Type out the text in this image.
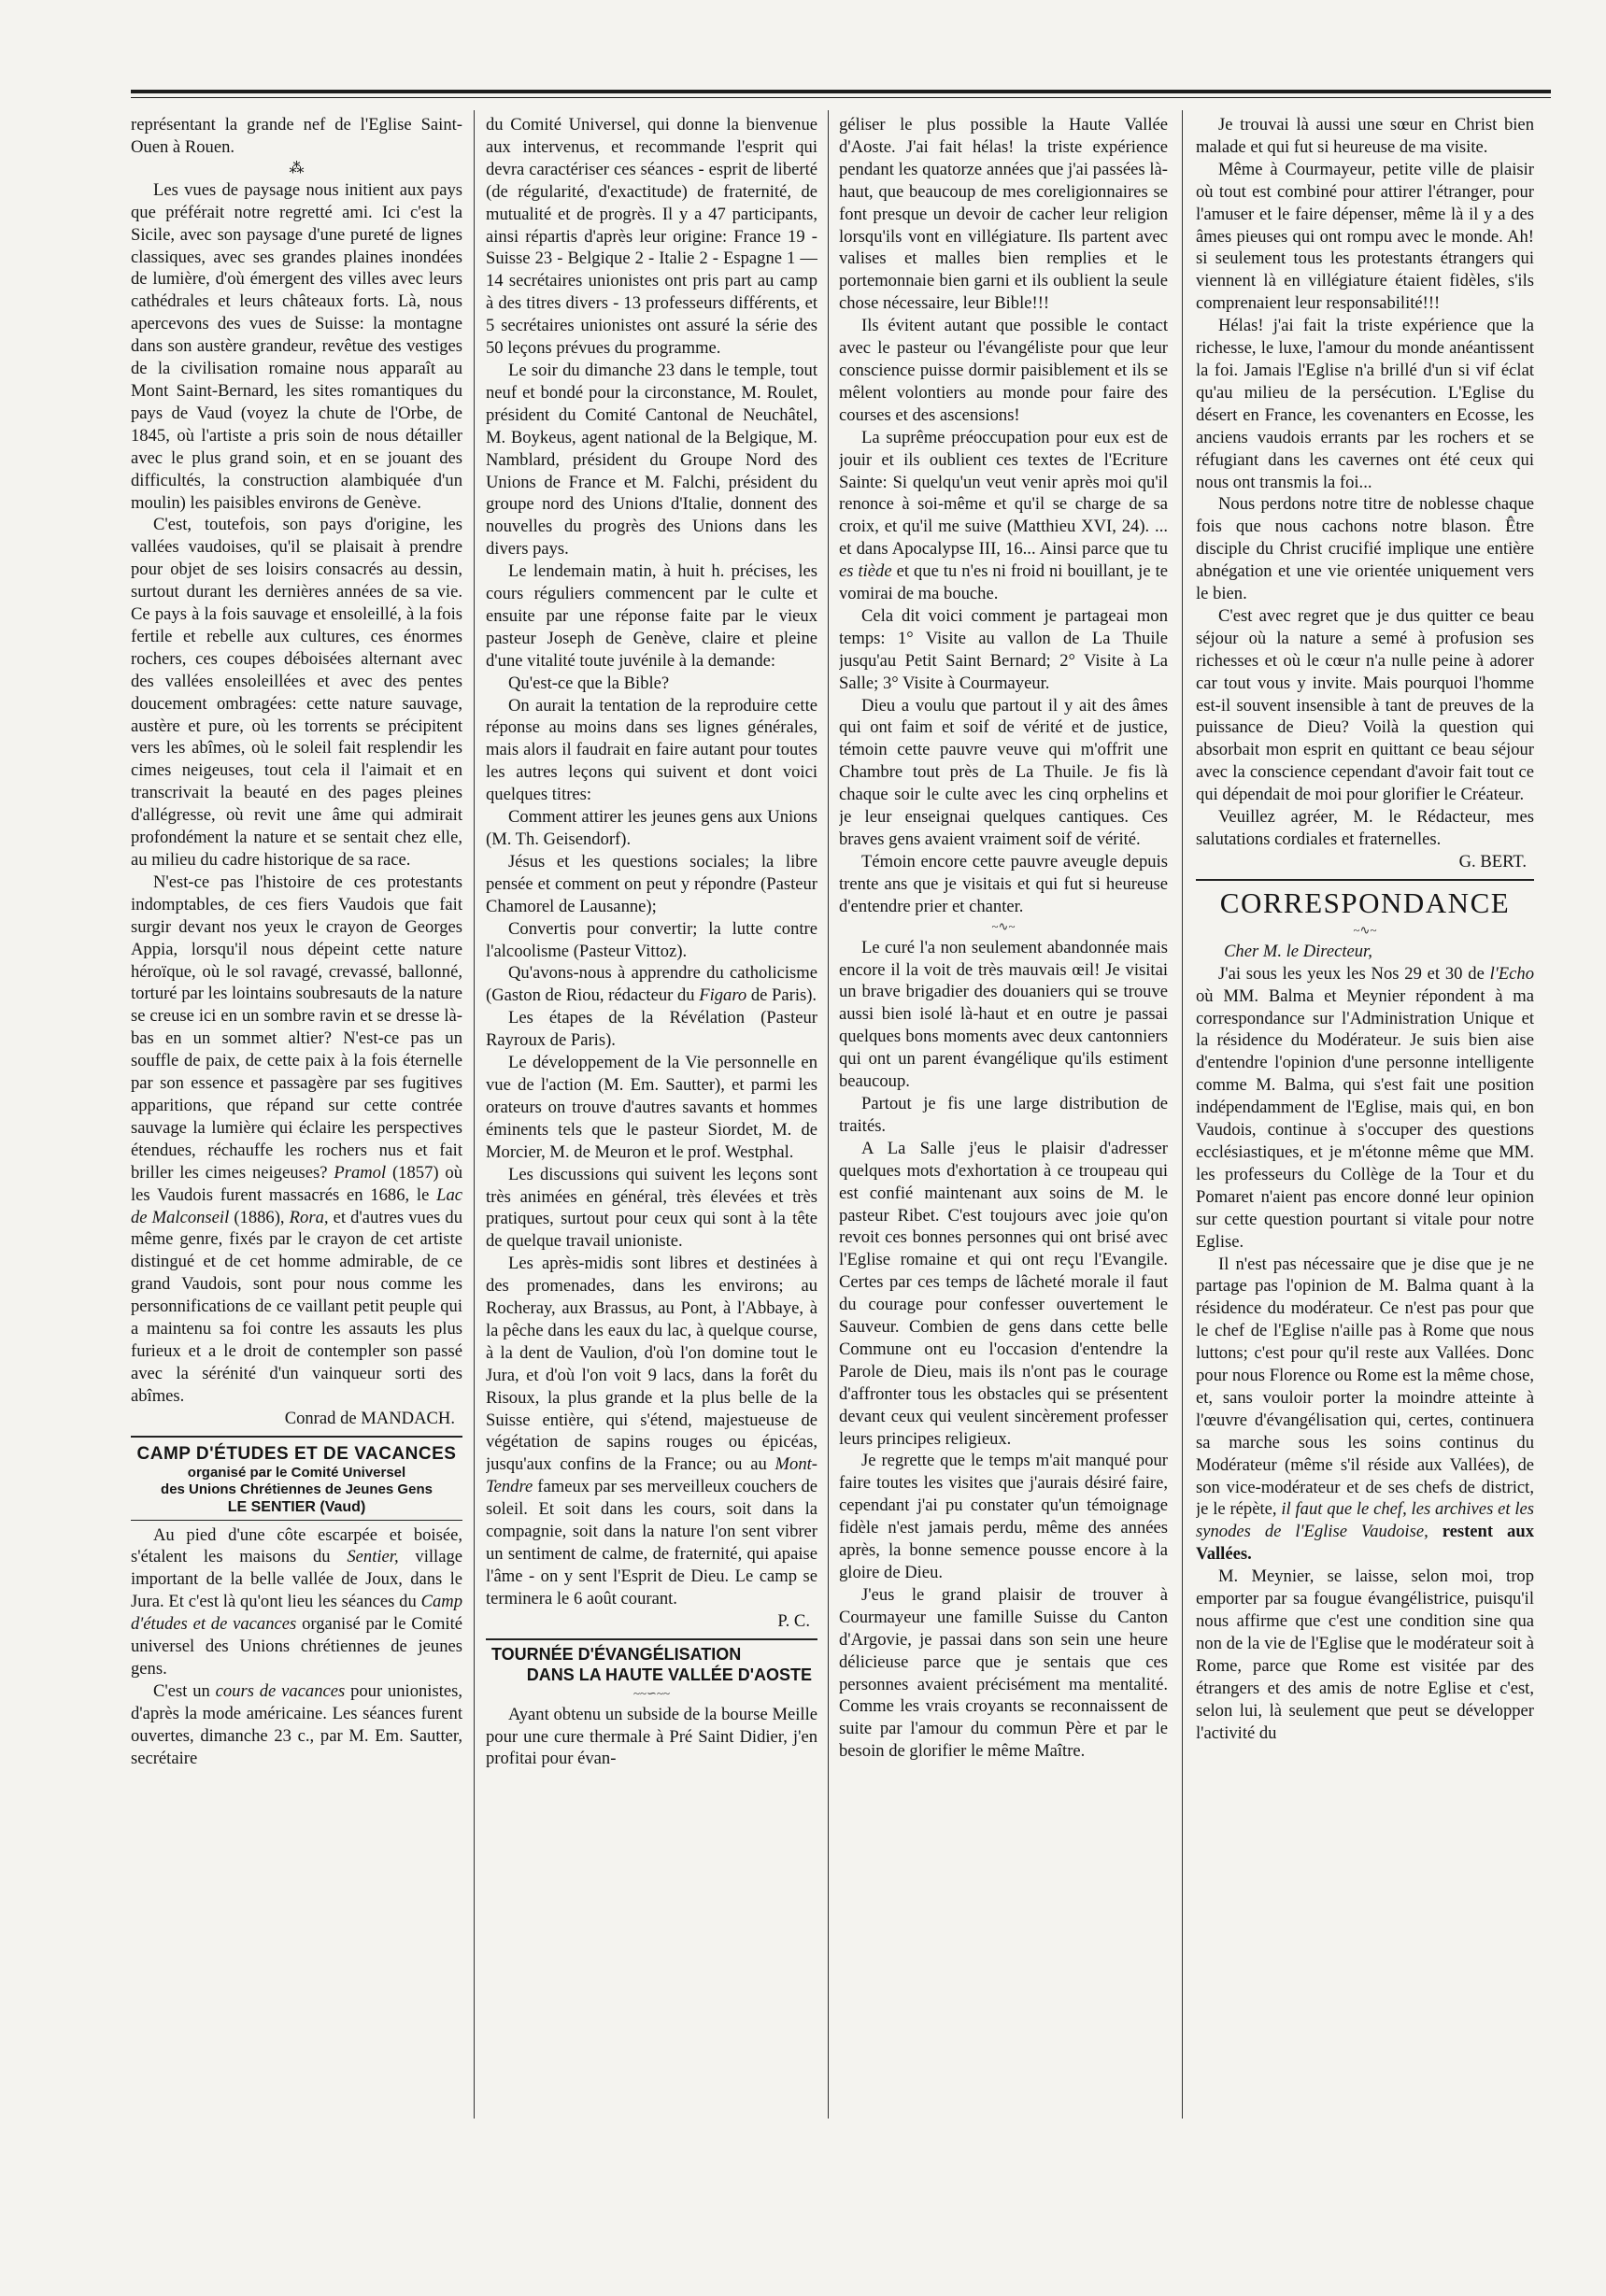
représentant la grande nef de l'Eglise Saint-Ouen à Rouen.

⁂

Les vues de paysage nous initient aux pays que préférait notre regretté ami. Ici c'est la Sicile, avec son paysage d'une pureté de lignes classiques, avec ses grandes plaines inondées de lumière, d'où émergent des villes avec leurs cathédrales et leurs châteaux forts. Là, nous apercevons des vues de Suisse: la montagne dans son austère grandeur, revêtue des vestiges de la civilisation romaine nous apparaît au Mont Saint-Bernard, les sites romantiques du pays de Vaud (voyez la chute de l'Orbe, de 1845, où l'artiste a pris soin de nous détailler avec le plus grand soin, et en se jouant des difficultés, la construction alambiquée d'un moulin) les paisibles environs de Genève.

C'est, toutefois, son pays d'origine, les vallées vaudoises, qu'il se plaisait à prendre pour objet de ses loisirs consacrés au dessin, surtout durant les dernières années de sa vie. Ce pays à la fois sauvage et ensoleillé, à la fois fertile et rebelle aux cultures, ces énormes rochers, ces coupes déboisées alternant avec des vallées ensoleillées et avec des pentes doucement ombragées: cette nature sauvage, austère et pure, où les torrents se précipitent vers les abîmes, où le soleil fait resplendir les cimes neigeuses, tout cela il l'aimait et en transcrivait la beauté en des pages pleines d'allégresse, où revit une âme qui admirait profondément la nature et se sentait chez elle, au milieu du cadre historique de sa race.

N'est-ce pas l'histoire de ces protestants indomptables, de ces fiers Vaudois que fait surgir devant nos yeux le crayon de Georges Appia, lorsqu'il nous dépeint cette nature héroïque, où le sol ravagé, crevassé, ballonné, torturé par les lointains soubresauts de la nature se creuse ici en un sombre ravin et se dresse là-bas en un sommet altier? N'est-ce pas un souffle de paix, de cette paix à la fois éternelle par son essence et passagère par ses fugitives apparitions, que répand sur cette contrée sauvage la lumière qui éclaire les perspectives étendues, réchauffe les rochers nus et fait briller les cimes neigeuses? Pramol (1857) où les Vaudois furent massacrés en 1686, le Lac de Malconseil (1886), Rora, et d'autres vues du même genre, fixés par le crayon de cet artiste distingué et de cet homme admirable, de ce grand Vaudois, sont pour nous comme les personnifications de ce vaillant petit peuple qui a maintenu sa foi contre les assauts les plus furieux et a le droit de contempler son passé avec la sérénité d'un vainqueur sorti des abîmes.

Conrad de MANDACH.
CAMP D'ÉTUDES ET DE VACANCES
organisé par le Comité Universel
des Unions Chrétiennes de Jeunes Gens
LE SENTIER (Vaud)

Au pied d'une côte escarpée et boisée, s'étalent les maisons du Sentier, village important de la belle vallée de Joux, dans le Jura. Et c'est là qu'ont lieu les séances du Camp d'études et de vacances organisé par le Comité universel des Unions chrétiennes de jeunes gens.

C'est un cours de vacances pour unionistes, d'après la mode américaine. Les séances furent ouvertes, dimanche 23 c., par M. Em. Sautter, secrétaire

du Comité Universel, qui donne la bienvenue aux intervenus, et recommande l'esprit qui devra caractériser ces séances - esprit de liberté (de régularité, d'exactitude) de fraternité, de mutualité et de progrès. Il y a 47 participants, ainsi répartis d'après leur origine: France 19 - Suisse 23 - Belgique 2 - Italie 2 - Espagne 1 — 14 secrétaires unionistes ont pris part au camp à des titres divers - 13 professeurs différents, et 5 secrétaires unionistes ont assuré la série des 50 leçons prévues du programme.

Le soir du dimanche 23 dans le temple, tout neuf et bondé pour la circonstance, M. Roulet, président du Comité Cantonal de Neuchâtel, M. Boykeus, agent national de la Belgique, M. Namblard, président du Groupe Nord des Unions de France et M. Falchi, président du groupe nord des Unions d'Italie, donnent des nouvelles du progrès des Unions dans les divers pays.

Le lendemain matin, à huit h. précises, les cours réguliers commencent par le culte et ensuite par une réponse faite par le vieux pasteur Joseph de Genève, claire et pleine d'une vitalité toute juvénile à la demande:

Qu'est-ce que la Bible?

On aurait la tentation de la reproduire cette réponse au moins dans ses lignes générales, mais alors il faudrait en faire autant pour toutes les autres leçons qui suivent et dont voici quelques titres:

Comment attirer les jeunes gens aux Unions (M. Th. Geisendorf).

Jésus et les questions sociales; la libre pensée et comment on peut y répondre (Pasteur Chamorel de Lausanne);

Convertis pour convertir; la lutte contre l'alcoolisme (Pasteur Vittoz).

Qu'avons-nous à apprendre du catholicisme (Gaston de Riou, rédacteur du Figaro de Paris).

Les étapes de la Révélation (Pasteur Rayroux de Paris).

Le développement de la Vie personnelle en vue de l'action (M. Em. Sautter), et parmi les orateurs on trouve d'autres savants et hommes éminents tels que le pasteur Siordet, M. de Morcier, M. de Meuron et le prof. Westphal.

Les discussions qui suivent les leçons sont très animées en général, très élevées et très pratiques, surtout pour ceux qui sont à la tête de quelque travail unioniste.

Les après-midis sont libres et destinées à des promenades, dans les environs; au Rocheray, aux Brassus, au Pont, à l'Abbaye, à la pêche dans les eaux du lac, à quelque course, à la dent de Vaulion, d'où l'on domine tout le Jura, et d'où l'on voit 9 lacs, dans la forêt du Risoux, la plus grande et la plus belle de la Suisse entière, qui s'étend, majestueuse de végétation de sapins rouges ou épicéas, jusqu'aux confins de la France; ou au Mont-Tendre fameux par ses merveilleux couchers de soleil. Et soit dans les cours, soit dans la compagnie, soit dans la nature l'on sent vibrer un sentiment de calme, de fraternité, qui apaise l'âme - on y sent l'Esprit de Dieu. Le camp se terminera le 6 août courant.

P. C.
TOURNÉE D'ÉVANGÉLISATION
DANS LA HAUTE VALLÉE D'AOSTE
~~∽~~

Ayant obtenu un subside de la bourse Meille pour une cure thermale à Pré Saint Didier, j'en profitai pour évan-

géliser le plus possible la Haute Vallée d'Aoste. J'ai fait hélas! la triste expérience pendant les quatorze années que j'ai passées là-haut, que beaucoup de mes coreligionnaires se font presque un devoir de cacher leur religion lorsqu'ils vont en villégiature. Ils partent avec valises et malles bien remplies et le portemonnaie bien garni et ils oublient la seule chose nécessaire, leur Bible!!!

Ils évitent autant que possible le contact avec le pasteur ou l'évangéliste pour que leur conscience puisse dormir paisiblement et ils se mêlent volontiers au monde pour faire des courses et des ascensions!

La suprême préoccupation pour eux est de jouir et ils oublient ces textes de l'Ecriture Sainte: Si quelqu'un veut venir après moi qu'il renonce à soi-même et qu'il se charge de sa croix, et qu'il me suive (Matthieu XVI, 24). ... et dans Apocalypse III, 16... Ainsi parce que tu es tiède et que tu n'es ni froid ni bouillant, je te vomirai de ma bouche.

Cela dit voici comment je partageai mon temps: 1° Visite au vallon de La Thuile jusqu'au Petit Saint Bernard; 2° Visite à La Salle; 3° Visite à Courmayeur.

Dieu a voulu que partout il y ait des âmes qui ont faim et soif de vérité et de justice, témoin cette pauvre veuve qui m'offrit une Chambre tout près de La Thuile. Je fis là chaque soir le culte avec les cinq orphelins et je leur enseignai quelques cantiques. Ces braves gens avaient vraiment soif de vérité.

Témoin encore cette pauvre aveugle depuis trente ans que je visitais et qui fut si heureuse d'entendre prier et chanter.

~∿~

Le curé l'a non seulement abandonnée mais encore il la voit de très mauvais œil! Je visitai un brave brigadier des douaniers qui se trouve aussi bien isolé là-haut et en outre je passai quelques bons moments avec deux cantonniers qui ont un parent évangélique qu'ils estiment beaucoup.

Partout je fis une large distribution de traités.

A La Salle j'eus le plaisir d'adresser quelques mots d'exhortation à ce troupeau qui est confié maintenant aux soins de M. le pasteur Ribet. C'est toujours avec joie qu'on revoit ces bonnes personnes qui ont brisé avec l'Eglise romaine et qui ont reçu l'Evangile. Certes par ces temps de lâcheté morale il faut du courage pour confesser ouvertement le Sauveur. Combien de gens dans cette belle Commune ont eu l'occasion d'entendre la Parole de Dieu, mais ils n'ont pas le courage d'affronter tous les obstacles qui se présentent devant ceux qui veulent sincèrement professer leurs principes religieux.

Je regrette que le temps m'ait manqué pour faire toutes les visites que j'aurais désiré faire, cependant j'ai pu constater qu'un témoignage fidèle n'est jamais perdu, même des années après, la bonne semence pousse encore à la gloire de Dieu.

J'eus le grand plaisir de trouver à Courmayeur une famille Suisse du Canton d'Argovie, je passai dans son sein une heure délicieuse parce que je sentais que ces personnes avaient précisément ma mentalité. Comme les vrais croyants se reconnaissent de suite par l'amour du commun Père et par le besoin de glorifier le même Maître.

Je trouvai là aussi une sœur en Christ bien malade et qui fut si heureuse de ma visite.

Même à Courmayeur, petite ville de plaisir où tout est combiné pour attirer l'étranger, pour l'amuser et le faire dépenser, même là il y a des âmes pieuses qui ont rompu avec le monde. Ah! si seulement tous les protestants étrangers qui viennent là en villégiature étaient fidèles, s'ils comprenaient leur responsabilité!!!

Hélas! j'ai fait la triste expérience que la richesse, le luxe, l'amour du monde anéantissent la foi. Jamais l'Eglise n'a brillé d'un si vif éclat qu'au milieu de la persécution. L'Eglise du désert en France, les covenanters en Ecosse, les anciens vaudois errants par les rochers et se réfugiant dans les cavernes ont été ceux qui nous ont transmis la foi...

Nous perdons notre titre de noblesse chaque fois que nous cachons notre blason. Être disciple du Christ crucifié implique une entière abnégation et une vie orientée uniquement vers le bien.

C'est avec regret que je dus quitter ce beau séjour où la nature a semé à profusion ses richesses et où le cœur n'a nulle peine à adorer car tout vous y invite. Mais pourquoi l'homme est-il souvent insensible à tant de preuves de la puissance de Dieu? Voilà la question qui absorbait mon esprit en quittant ce beau séjour avec la conscience cependant d'avoir fait tout ce qui dépendait de moi pour glorifier le Créateur.

Veuillez agréer, M. le Rédacteur, mes salutations cordiales et fraternelles.

G. BERT.
CORRESPONDANCE
~∿~
Cher M. le Directeur,

J'ai sous les yeux les Nos 29 et 30 de l'Echo où MM. Balma et Meynier répondent à ma correspondance sur l'Administration Unique et la résidence du Modérateur. Je suis bien aise d'entendre l'opinion d'une personne intelligente comme M. Balma, qui s'est fait une position indépendamment de l'Eglise, mais qui, en bon Vaudois, continue à s'occuper des questions ecclésiastiques, et je m'étonne même que MM. les professeurs du Collège de la Tour et du Pomaret n'aient pas encore donné leur opinion sur cette question pourtant si vitale pour notre Eglise.

Il n'est pas nécessaire que je dise que je ne partage pas l'opinion de M. Balma quant à la résidence du modérateur. Ce n'est pas pour que le chef de l'Eglise n'aille pas à Rome que nous luttons; c'est pour qu'il reste aux Vallées. Donc pour nous Florence ou Rome est la même chose, et, sans vouloir porter la moindre atteinte à l'œuvre d'évangélisation qui, certes, continuera sa marche sous les soins continus du Modérateur (même s'il réside aux Vallées), de son vice-modérateur et de ses chefs de district, je le répète, il faut que le chef, les archives et les synodes de l'Eglise Vaudoise, restent aux Vallées.

M. Meynier, se laisse, selon moi, trop emporter par sa fougue évangélistrice, puisqu'il nous affirme que c'est une condition sine qua non de la vie de l'Eglise que le modérateur soit à Rome, parce que Rome est visitée par des étrangers et des amis de notre Eglise et c'est, selon lui, là seulement que peut se développer l'activité du
